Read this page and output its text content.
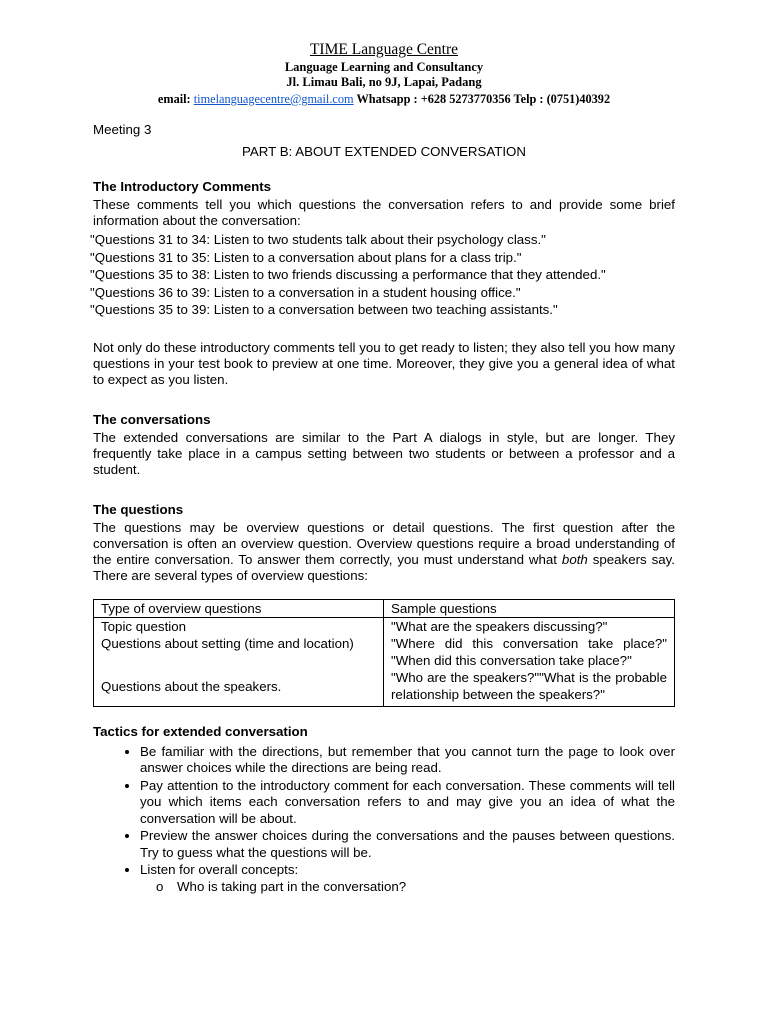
TIME Language Centre
Language Learning and Consultancy
Jl. Limau Bali, no 9J, Lapai, Padang
email: timelanguagecentre@gmail.com Whatsapp : +628 5273770356 Telp : (0751)40392

Meeting 3

PART B: ABOUT EXTENDED CONVERSATION

The Introductory Comments

These comments tell you which questions the conversation refers to and provide some brief information about the conversation:

"Questions 31 to 34: Listen to two students talk about their psychology class."
"Questions 31 to 35: Listen to a conversation about plans for a class trip."
"Questions 35 to 38: Listen to two friends discussing a performance that they attended."
"Questions 36 to 39: Listen to a conversation in a student housing office."
"Questions 35 to 39: Listen to a conversation between two teaching assistants."

Not only do these introductory comments tell you to get ready to listen; they also tell you how many questions in your test book to preview at one time. Moreover, they give you a general idea of what to expect as you listen.

The conversations

The extended conversations are similar to the Part A dialogs in style, but are longer. They frequently take place in a campus setting between two students or between a professor and a student.

The questions

The questions may be overview questions or detail questions. The first question after the conversation is often an overview question. Overview questions require a broad understanding of the entire conversation. To answer them correctly, you must understand what both speakers say. There are several types of overview questions:

Type of overview questions	Sample questions
Topic question	"What are the speakers discussing?"
Questions about setting (time and location)	"Where did this conversation take place?" "When did this conversation take place?"
Questions about the speakers.	"Who are the speakers?""What is the probable relationship between the speakers?"
Tactics for extended conversation
• Be familiar with the directions, but remember that you cannot turn the page to look over answer choices while the directions are being read.
• Pay attention to the introductory comment for each conversation. These comments will tell you which items each conversation refers to and may give you an idea of what the conversation will be about.
• Preview the answer choices during the conversations and the pauses between questions. Try to guess what the questions will be.
• Listen for overall concepts:
o Who is taking part in the conversation?
